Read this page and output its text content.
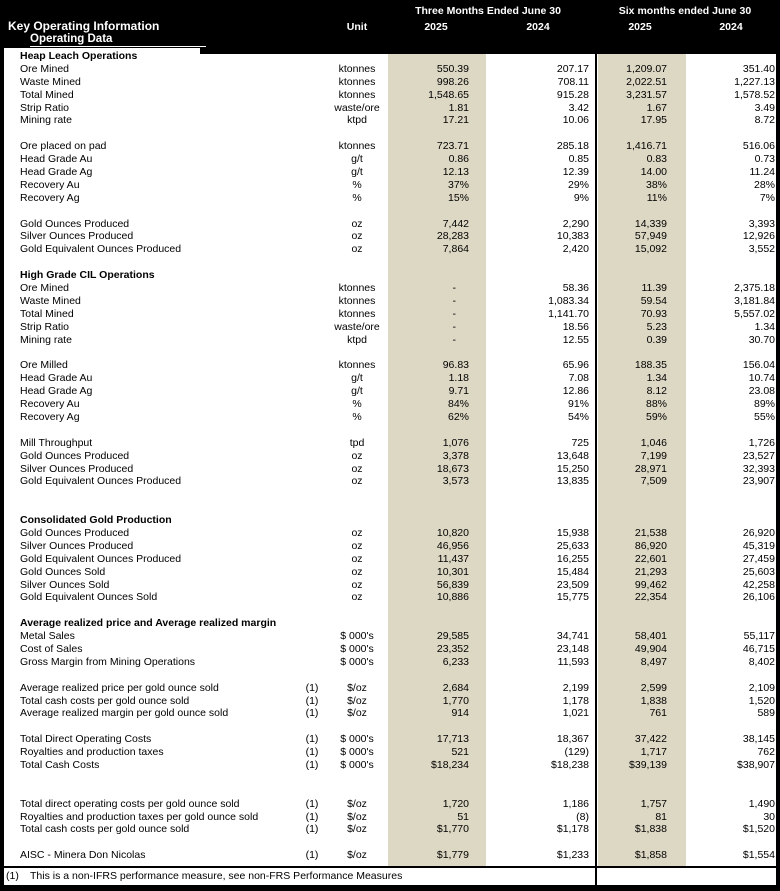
Three Months Ended June 30	Six months ended June 30
Key Operating Information	Unit	2025	2024	2025	2024
Operating Data
Heap Leach Operations
Ore Mined	ktonnes	550.39	207.17	1,209.07	351.40
Waste Mined	ktonnes	998.26	708.11	2,022.51	1,227.13
Total Mined	ktonnes	1,548.65	915.28	3,231.57	1,578.52
Strip Ratio	waste/ore	1.81	3.42	1.67	3.49
Mining rate	ktpd	17.21	10.06	17.95	8.72
Ore placed on pad	ktonnes	723.71	285.18	1,416.71	516.06
Head Grade Au	g/t	0.86	0.85	0.83	0.73
Head Grade Ag	g/t	12.13	12.39	14.00	11.24
Recovery Au	%	37%	29%	38%	28%
Recovery Ag	%	15%	9%	11%	7%
Gold Ounces Produced	oz	7,442	2,290	14,339	3,393
Silver Ounces Produced	oz	28,283	10,383	57,949	12,926
Gold Equivalent Ounces Produced	oz	7,864	2,420	15,092	3,552
High Grade CIL Operations
Ore Mined	ktonnes	-	58.36	11.39	2,375.18
Waste Mined	ktonnes	-	1,083.34	59.54	3,181.84
Total Mined	ktonnes	-	1,141.70	70.93	5,557.02
Strip Ratio	waste/ore	-	18.56	5.23	1.34
Mining rate	ktpd	-	12.55	0.39	30.70
Ore Milled	ktonnes	96.83	65.96	188.35	156.04
Head Grade Au	g/t	1.18	7.08	1.34	10.74
Head Grade Ag	g/t	9.71	12.86	8.12	23.08
Recovery Au	%	84%	91%	88%	89%
Recovery Ag	%	62%	54%	59%	55%
Mill Throughput	tpd	1,076	725	1,046	1,726
Gold Ounces Produced	oz	3,378	13,648	7,199	23,527
Silver Ounces Produced	oz	18,673	15,250	28,971	32,393
Gold Equivalent Ounces Produced	oz	3,573	13,835	7,509	23,907
Consolidated Gold Production
Gold Ounces Produced	oz	10,820	15,938	21,538	26,920
Silver Ounces Produced	oz	46,956	25,633	86,920	45,319
Gold Equivalent Ounces Produced	oz	11,437	16,255	22,601	27,459
Gold Ounces Sold	oz	10,301	15,484	21,293	25,603
Silver Ounces Sold	oz	56,839	23,509	99,462	42,258
Gold Equivalent Ounces Sold	oz	10,886	15,775	22,354	26,106
Average realized price and Average realized margin
Metal Sales	$ 000's	29,585	34,741	58,401	55,117
Cost of Sales	$ 000's	23,352	23,148	49,904	46,715
Gross Margin from Mining Operations	$ 000's	6,233	11,593	8,497	8,402
Average realized price per gold ounce sold	(1)	$/oz	2,684	2,199	2,599	2,109
Total cash costs per gold ounce sold	(1)	$/oz	1,770	1,178	1,838	1,520
Average realized margin per gold ounce sold	(1)	$/oz	914	1,021	761	589
Total Direct Operating Costs	(1)	$ 000's	17,713	18,367	37,422	38,145
Royalties and production taxes	(1)	$ 000's	521	(129)	1,717	762
Total Cash Costs	(1)	$ 000's	$18,234	$18,238	$39,139	$38,907
Total direct operating costs per gold ounce sold	(1)	$/oz	1,720	1,186	1,757	1,490
Royalties and production taxes per gold ounce sold	(1)	$/oz	51	(8)	81	30
Total cash costs per gold ounce sold	(1)	$/oz	$1,770	$1,178	$1,838	$1,520
AISC - Minera Don Nicolas	(1)	$/oz	$1,779	$1,233	$1,858	$1,554
(1)	This is a non-IFRS performance measure, see non-FRS Performance Measures
